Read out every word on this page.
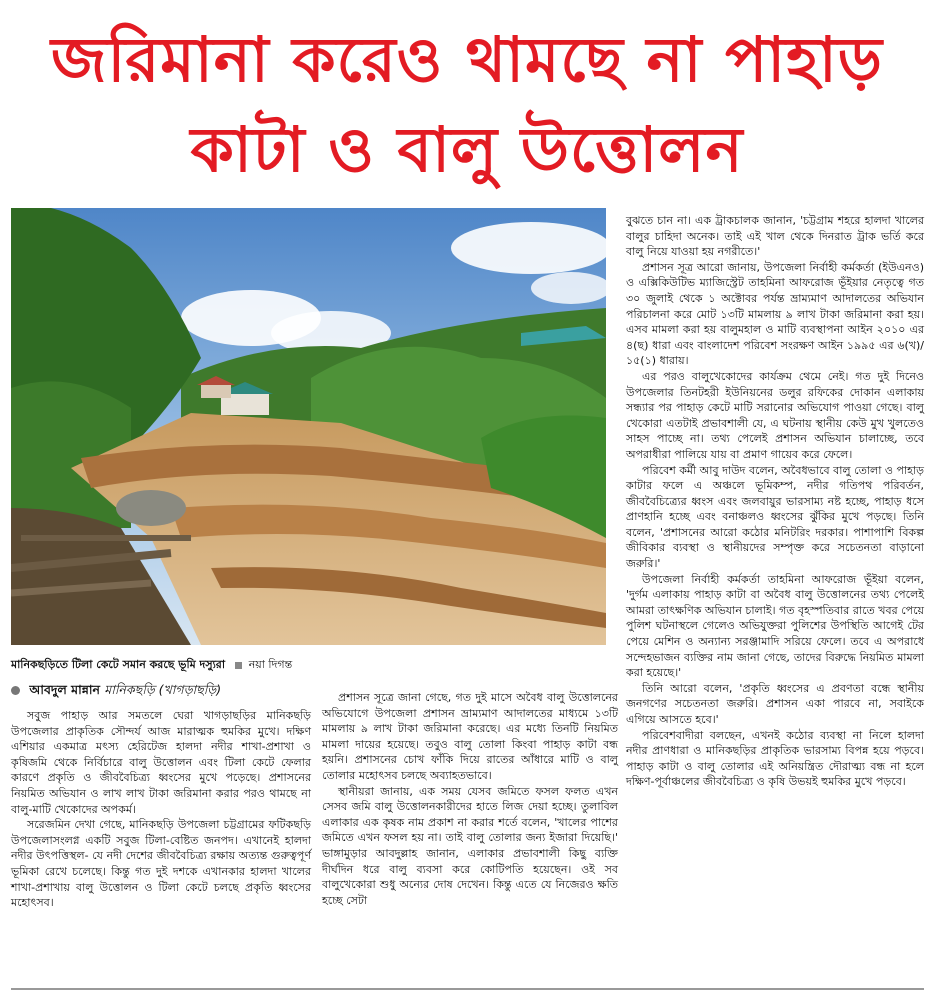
জরিমানা করেও থামছে না পাহাড়
কাটা ও বালু উত্তোলন
মানিকছড়িতে টিলা কেটে সমান করছে ভূমি দস্যুরা নয়া দিগন্ত
আবদুল মান্নান মানিকছড়ি (খাগড়াছড়ি)

সবুজ পাহাড় আর সমতলে ঘেরা খাগড়াছড়ির মানিকছড়ি উপজেলার প্রাকৃতিক সৌন্দর্য আজ মারাত্মক হুমকির মুখে। দক্ষিণ এশিয়ার একমাত্র মৎস্য হেরিটেজ হালদা নদীর শাখা-প্রশাখা ও কৃষিজমি থেকে নির্বিচারে বালু উত্তোলন এবং টিলা কেটে ফেলার কারণে প্রকৃতি ও জীববৈচিত্র্য ধ্বংসের মুখে পড়েছে। প্রশাসনের নিয়মিত অভিযান ও লাখ লাখ টাকা জরিমানা করার পরও থামছে না বালু-মাটি খেকোদের অপকর্ম।

সরেজমিন দেখা গেছে, মানিকছড়ি উপজেলা চট্টগ্রামের ফটিকছড়ি উপজেলাসংলগ্ন একটি সবুজ টিলা-বেষ্টিত জনপদ। এখানেই হালদা নদীর উৎপত্তিস্থল- যে নদী দেশের জীববৈচিত্র্য রক্ষায় অত্যন্ত গুরুত্বপূর্ণ ভূমিকা রেখে চলেছে। কিন্তু গত দুই দশকে এখানকার হালদা খালের শাখা-প্রশাখায় বালু উত্তোলন ও টিলা কেটে চলছে প্রকৃতি ধ্বংসের মহোৎসব।

প্রশাসন সূত্রে জানা গেছে, গত দুই মাসে অবৈধ বালু উত্তোলনের অভিযোগে উপজেলা প্রশাসন ভ্রাম্যমাণ আদালতের মাধ্যমে ১৩টি মামলায় ৯ লাখ টাকা জরিমানা করেছে। এর মধ্যে তিনটি নিয়মিত মামলা দায়ের হয়েছে। তবুও বালু তোলা কিংবা পাহাড় কাটা বন্ধ হয়নি। প্রশাসনের চোখ ফাঁকি দিয়ে রাতের আঁধারে মাটি ও বালু তোলার মহোৎসব চলছে অব্যাহতভাবে।

স্থানীয়রা জানায়, এক সময় যেসব জমিতে ফসল ফলত এখন সেসব জমি বালু উত্তোলনকারীদের হাতে লিজ দেয়া হচ্ছে। তুলাবিল এলাকার এক কৃষক নাম প্রকাশ না করার শর্তে বলেন, 'খালের পাশের জমিতে এখন ফসল হয় না। তাই বালু তোলার জন্য ইজারা দিয়েছি।' ভাঙ্গামুড়ার আবদুল্লাহ জানান, এলাকার প্রভাবশালী কিছু ব্যক্তি দীর্ঘদিন ধরে বালু ব্যবসা করে কোটিপতি হয়েছেন। ওই সব বালুখেকোরা শুধু অন্যের দোষ দেখেন। কিন্তু এতে যে নিজেরও ক্ষতি হচ্ছে সেটা

বুঝতে চান না। এক ট্রাকচালক জানান, 'চট্টগ্রাম শহরে হালদা খালের বালুর চাহিদা অনেক। তাই এই খাল থেকে দিনরাত ট্রাক ভর্তি করে বালু নিয়ে যাওয়া হয় নগরীতে।'

প্রশাসন সূত্র আরো জানায়, উপজেলা নির্বাহী কর্মকর্তা (ইউএনও) ও এক্সিকিউটিভ ম্যাজিস্ট্রেট তাহমিনা আফরোজ ভূঁইয়ার নেতৃত্বে গত ৩০ জুলাই থেকে ১ অক্টোবর পর্যন্ত ভ্রাম্যমাণ আদালতের অভিযান পরিচালনা করে মোট ১৩টি মামলায় ৯ লাখ টাকা জরিমানা করা হয়। এসব মামলা করা হয় বালুমহাল ও মাটি ব্যবস্থাপনা আইন ২০১০ এর ৪(ছ) ধারা এবং বাংলাদেশ পরিবেশ সংরক্ষণ আইন ১৯৯৫ এর ৬(খ)/১৫(১) ধারায়।

এর পরও বালুখেকোদের কার্যক্রম থেমে নেই। গত দুই দিনেও উপজেলার তিনটহরী ইউনিয়নের ডলুর রফিকের দোকান এলাকায় সন্ধ্যার পর পাহাড় কেটে মাটি সরানোর অভিযোগ পাওয়া গেছে। বালু খেকোরা এতটাই প্রভাবশালী যে, এ ঘটনায় স্থানীয় কেউ মুখ খুলতেও সাহস পাচ্ছে না। তথ্য পেলেই প্রশাসন অভিযান চালাচ্ছে, তবে অপরাধীরা পালিয়ে যায় বা প্রমাণ গায়েব করে ফেলে।

পরিবেশ কর্মী আবু দাউদ বলেন, অবৈধভাবে বালু তোলা ও পাহাড় কাটার ফলে এ অঞ্চলে ভূমিকম্প, নদীর গতিপথ পরিবর্তন, জীববৈচিত্র্যের ধ্বংস এবং জলবায়ুর ভারসাম্য নষ্ট হচ্ছে, পাহাড় ধসে প্রাণহানি হচ্ছে এবং বনাঞ্চলও ধ্বংসের ঝুঁকির মুখে পড়ছে। তিনি বলেন, 'প্রশাসনের আরো কঠোর মনিটরিং দরকার। পাশাপাশি বিকল্প জীবিকার ব্যবস্থা ও স্থানীয়দের সম্পৃক্ত করে সচেতনতা বাড়ানো জরুরি।'

উপজেলা নির্বাহী কর্মকর্তা তাহমিনা আফরোজ ভূঁইয়া বলেন, 'দুর্গম এলাকায় পাহাড় কাটা বা অবৈধ বালু উত্তোলনের তথ্য পেলেই আমরা তাৎক্ষণিক অভিযান চালাই। গত বৃহস্পতিবার রাতে খবর পেয়ে পুলিশ ঘটনাস্থলে গেলেও অভিযুক্তরা পুলিশের উপস্থিতি আগেই টের পেয়ে মেশিন ও অন্যান্য সরঞ্জামাদি সরিয়ে ফেলে। তবে এ অপরাধে সন্দেহভাজন ব্যক্তির নাম জানা গেছে, তাদের বিরুদ্ধে নিয়মিত মামলা করা হয়েছে।'

তিনি আরো বলেন, 'প্রকৃতি ধ্বংসের এ প্রবণতা বন্ধে স্থানীয় জনগণের সচেতনতা জরুরি। প্রশাসন একা পারবে না, সবাইকে এগিয়ে আসতে হবে।'

পরিবেশবাদীরা বলছেন, এখনই কঠোর ব্যবস্থা না নিলে হালদা নদীর প্রাণধারা ও মানিকছড়ির প্রাকৃতিক ভারসাম্য বিপন্ন হয়ে পড়বে। পাহাড় কাটা ও বালু তোলার এই অনিয়ন্ত্রিত দৌরাত্ম্য বন্ধ না হলে দক্ষিণ-পূর্বাঞ্চলের জীববৈচিত্র্য ও কৃষি উভয়ই হুমকির মুখে পড়বে।
